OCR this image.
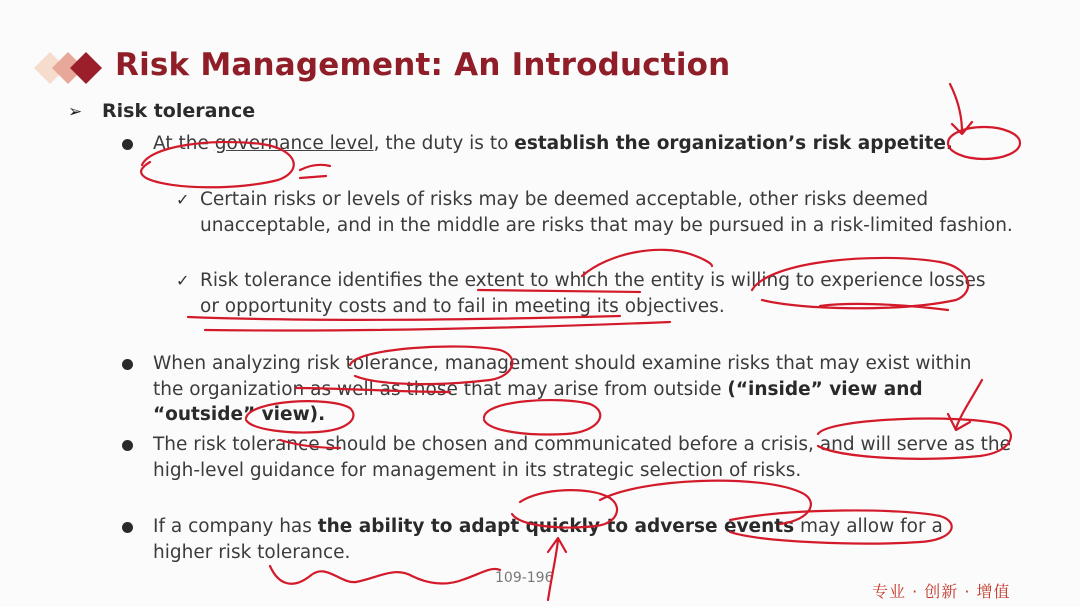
Risk Management: An Introduction
➢ Risk tolerance
At the governance level, the duty is to establish the organization’s risk appetite.
✓ Certain risks or levels of risks may be deemed acceptable, other risks deemed unacceptable, and in the middle are risks that may be pursued in a risk-limited fashion.
✓ Risk tolerance identifies the extent to which the entity is willing to experience losses or opportunity costs and to fail in meeting its objectives.
When analyzing risk tolerance, management should examine risks that may exist within the organization as well as those that may arise from outside (“inside” view and “outside” view).
The risk tolerance should be chosen and communicated before a crisis, and will serve as the high-level guidance for management in its strategic selection of risks.
If a company has the ability to adapt quickly to adverse events may allow for a higher risk tolerance.
109-196
专业 · 创新 · 增值
